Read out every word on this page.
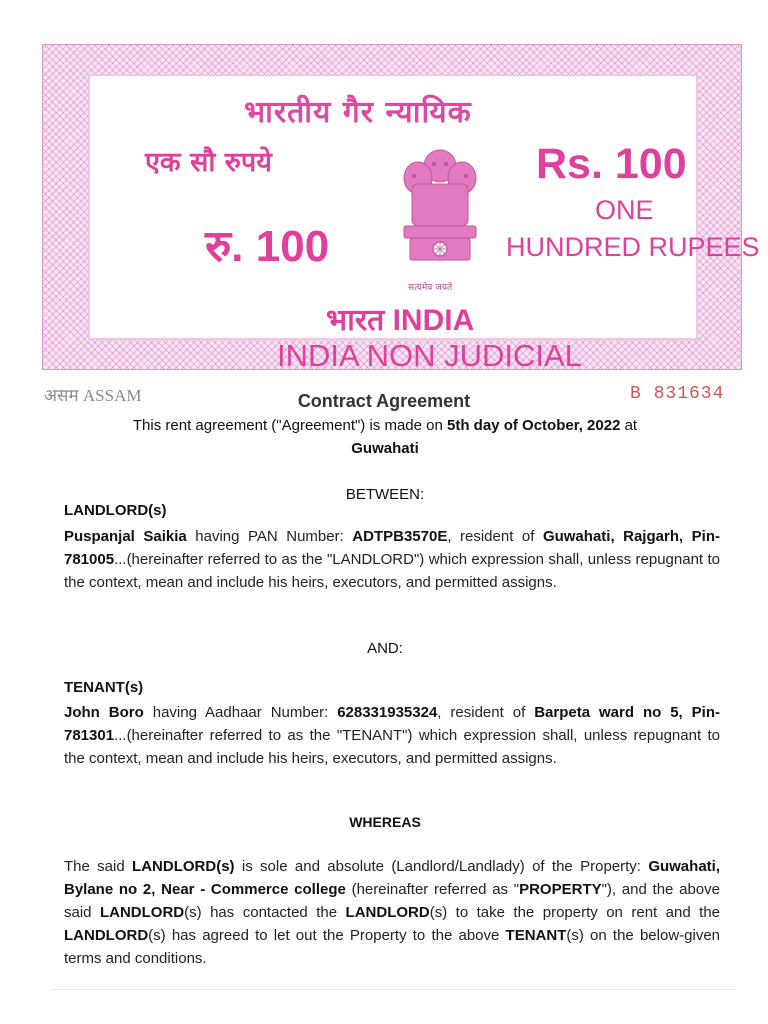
भारतीय गैर न्यायिक
एक सौ रुपये
रु. 100
Rs. 100
ONE
HUNDRED RUPEES
सत्यमेव जयते
भारत INDIA
INDIA NON JUDICIAL
असम ASSAM	B 831634
Contract Agreement
This rent agreement ("Agreement") is made on 5th day of October, 2022 at
Guwahati
BETWEEN:
LANDLORD(s)
Puspanjal Saikia having PAN Number: ADTPB3570E, resident of Guwahati, Rajgarh, Pin-781005...(hereinafter referred to as the "LANDLORD") which expression shall, unless repugnant to the context, mean and include his heirs, executors, and permitted assigns.
AND:
TENANT(s)
John Boro having Aadhaar Number: 628331935324, resident of Barpeta ward no 5, Pin- 781301...(hereinafter referred to as the "TENANT") which expression shall, unless repugnant to the context, mean and include his heirs, executors, and permitted assigns.
WHEREAS
The said LANDLORD(s) is sole and absolute (Landlord/Landlady) of the Property: Guwahati, Bylane no 2, Near - Commerce college (hereinafter referred as "PROPERTY"), and the above said LANDLORD(s) has contacted the LANDLORD(s) to take the property on rent and the LANDLORD(s) has agreed to let out the Property to the above TENANT(s) on the below-given terms and conditions.
